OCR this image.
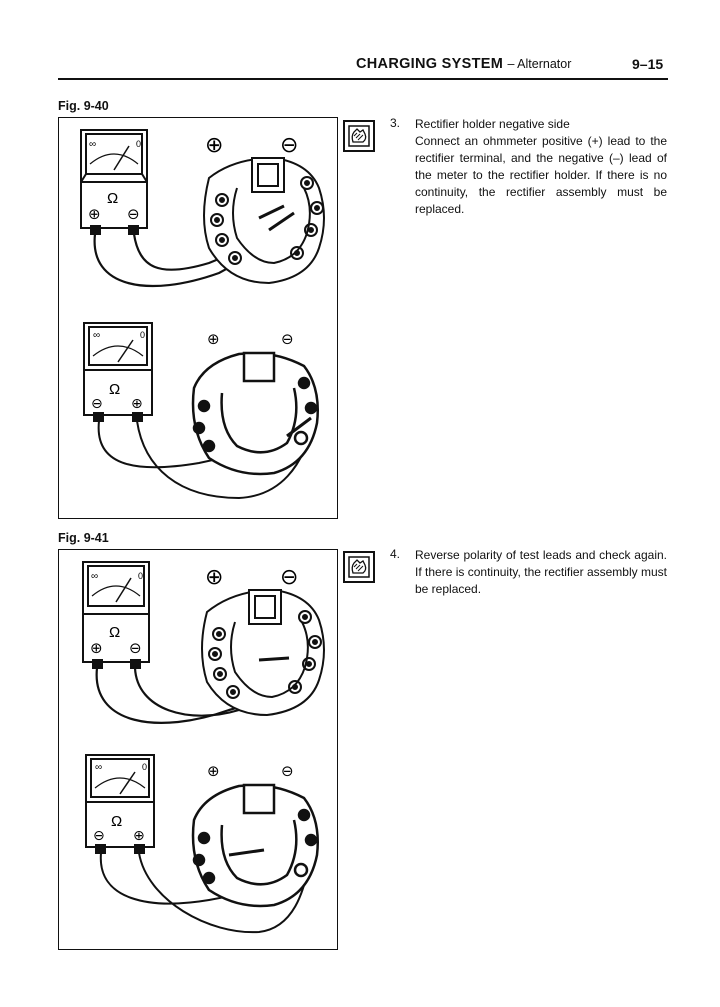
CHARGING SYSTEM – Alternator	9–15
Fig. 9-40
∞	0
Ω
⊕ ⊖
⊕	⊖
∞	0
Ω
⊖ ⊕
⊕	⊖
3. Rectifier holder negative side
Connect an ohmmeter positive (+) lead to the rectifier terminal, and the negative (–) lead of the meter to the rectifier holder. If there is no continuity, the rectifier assembly must be replaced.
Fig. 9-41
∞	0
Ω
⊕ ⊖
⊕	⊖
∞	0
Ω
⊖ ⊕
⊕	⊖
4. Reverse polarity of test leads and check again. If there is continuity, the rectifier assembly must be replaced.
